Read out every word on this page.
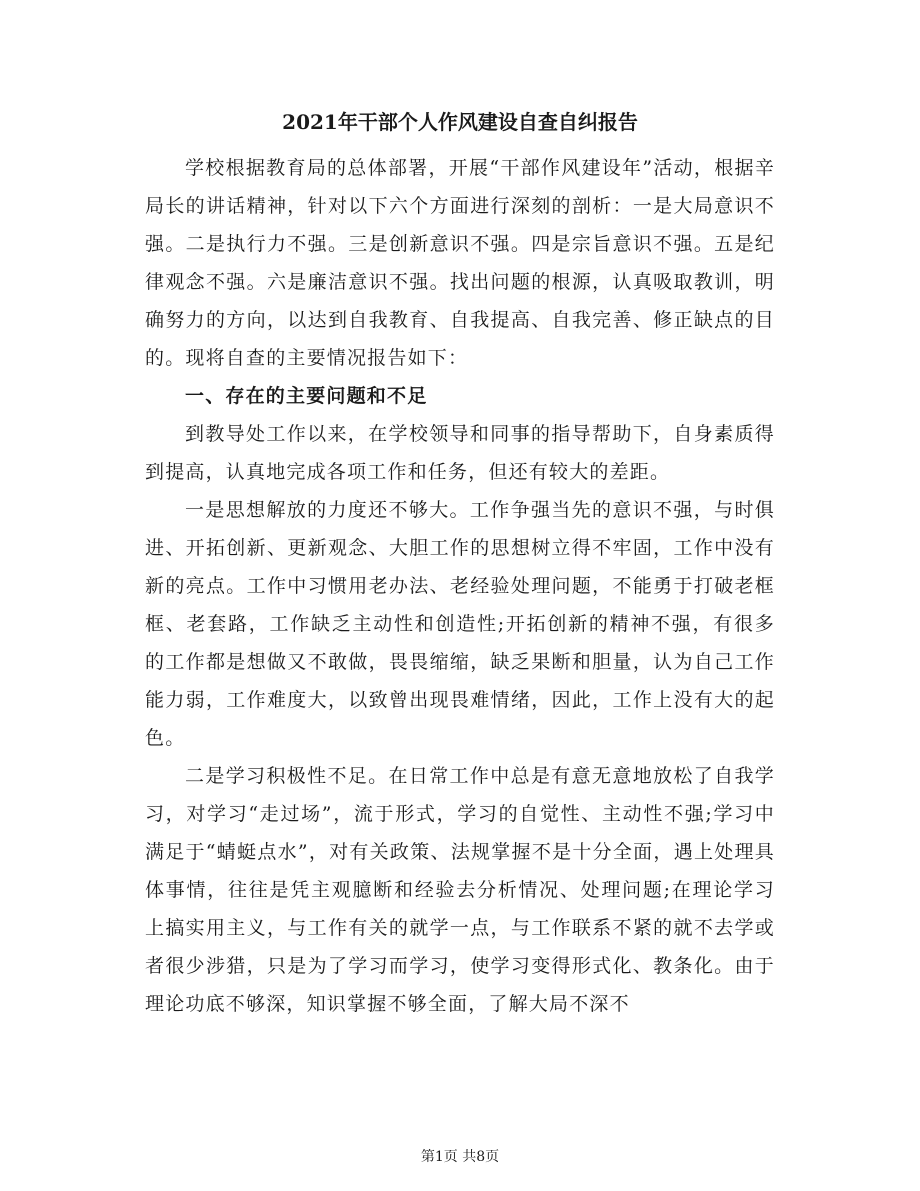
2021年干部个人作风建设自查自纠报告

学校根据教育局的总体部署，开展“干部作风建设年”活动，根据辛局长的讲话精神，针对以下六个方面进行深刻的剖析：一是大局意识不强。二是执行力不强。三是创新意识不强。四是宗旨意识不强。五是纪律观念不强。六是廉洁意识不强。找出问题的根源，认真吸取教训，明确努力的方向，以达到自我教育、自我提高、自我完善、修正缺点的目的。现将自查的主要情况报告如下：

一、存在的主要问题和不足

到教导处工作以来，在学校领导和同事的指导帮助下，自身素质得到提高，认真地完成各项工作和任务，但还有较大的差距。

一是思想解放的力度还不够大。工作争强当先的意识不强，与时俱进、开拓创新、更新观念、大胆工作的思想树立得不牢固，工作中没有新的亮点。工作中习惯用老办法、老经验处理问题，不能勇于打破老框框、老套路，工作缺乏主动性和创造性;开拓创新的精神不强，有很多的工作都是想做又不敢做，畏畏缩缩，缺乏果断和胆量，认为自己工作能力弱，工作难度大，以致曾出现畏难情绪，因此，工作上没有大的起色。

二是学习积极性不足。在日常工作中总是有意无意地放松了自我学习，对学习“走过场”，流于形式，学习的自觉性、主动性不强;学习中满足于“蜻蜓点水”，对有关政策、法规掌握不是十分全面，遇上处理具体事情，往往是凭主观臆断和经验去分析情况、处理问题;在理论学习上搞实用主义，与工作有关的就学一点，与工作联系不紧的就不去学或者很少涉猎，只是为了学习而学习，使学习变得形式化、教条化。由于理论功底不够深，知识掌握不够全面，了解大局不深不

第1页 共8页
